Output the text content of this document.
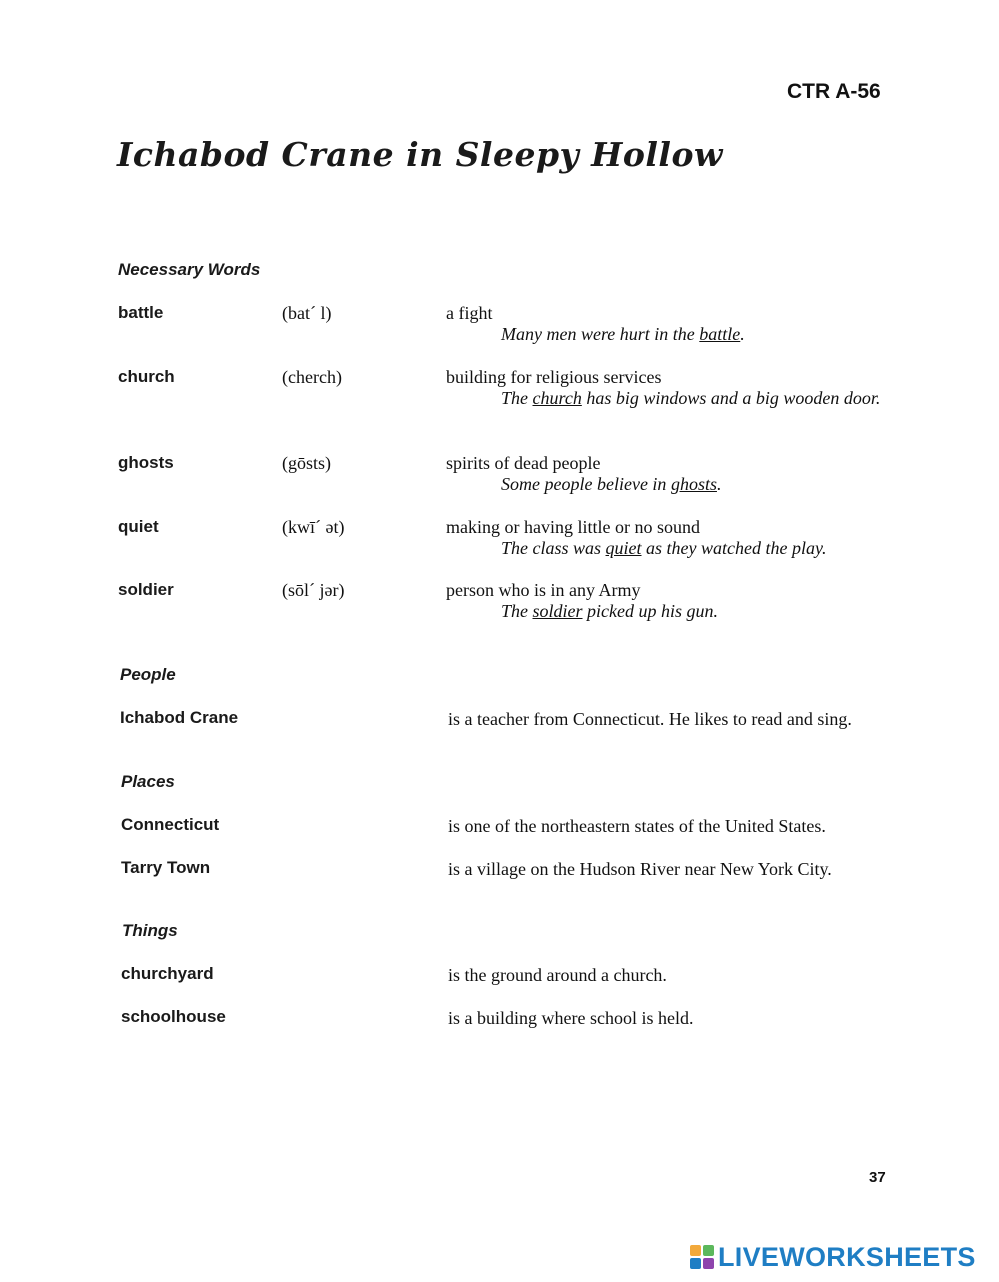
CTR A-56
Ichabod Crane in Sleepy Hollow
Necessary Words
battle	(bat´ l)	a fight
Many men were hurt in the battle.
church	(cherch)	building for religious services
The church has big windows and a big wooden door.
ghosts	(gōsts)	spirits of dead people
Some people believe in ghosts.
quiet	(kwī´ ət)	making or having little or no sound
The class was quiet as they watched the play.
soldier	(sōl´ jər)	person who is in any Army
The soldier picked up his gun.
People
Ichabod Crane	is a teacher from Connecticut. He likes to read and sing.
Places
Connecticut	is one of the northeastern states of the United States.
Tarry Town	is a village on the Hudson River near New York City.
Things
churchyard	is the ground around a church.
schoolhouse	is a building where school is held.
37
LIVEWORKSHEETS
